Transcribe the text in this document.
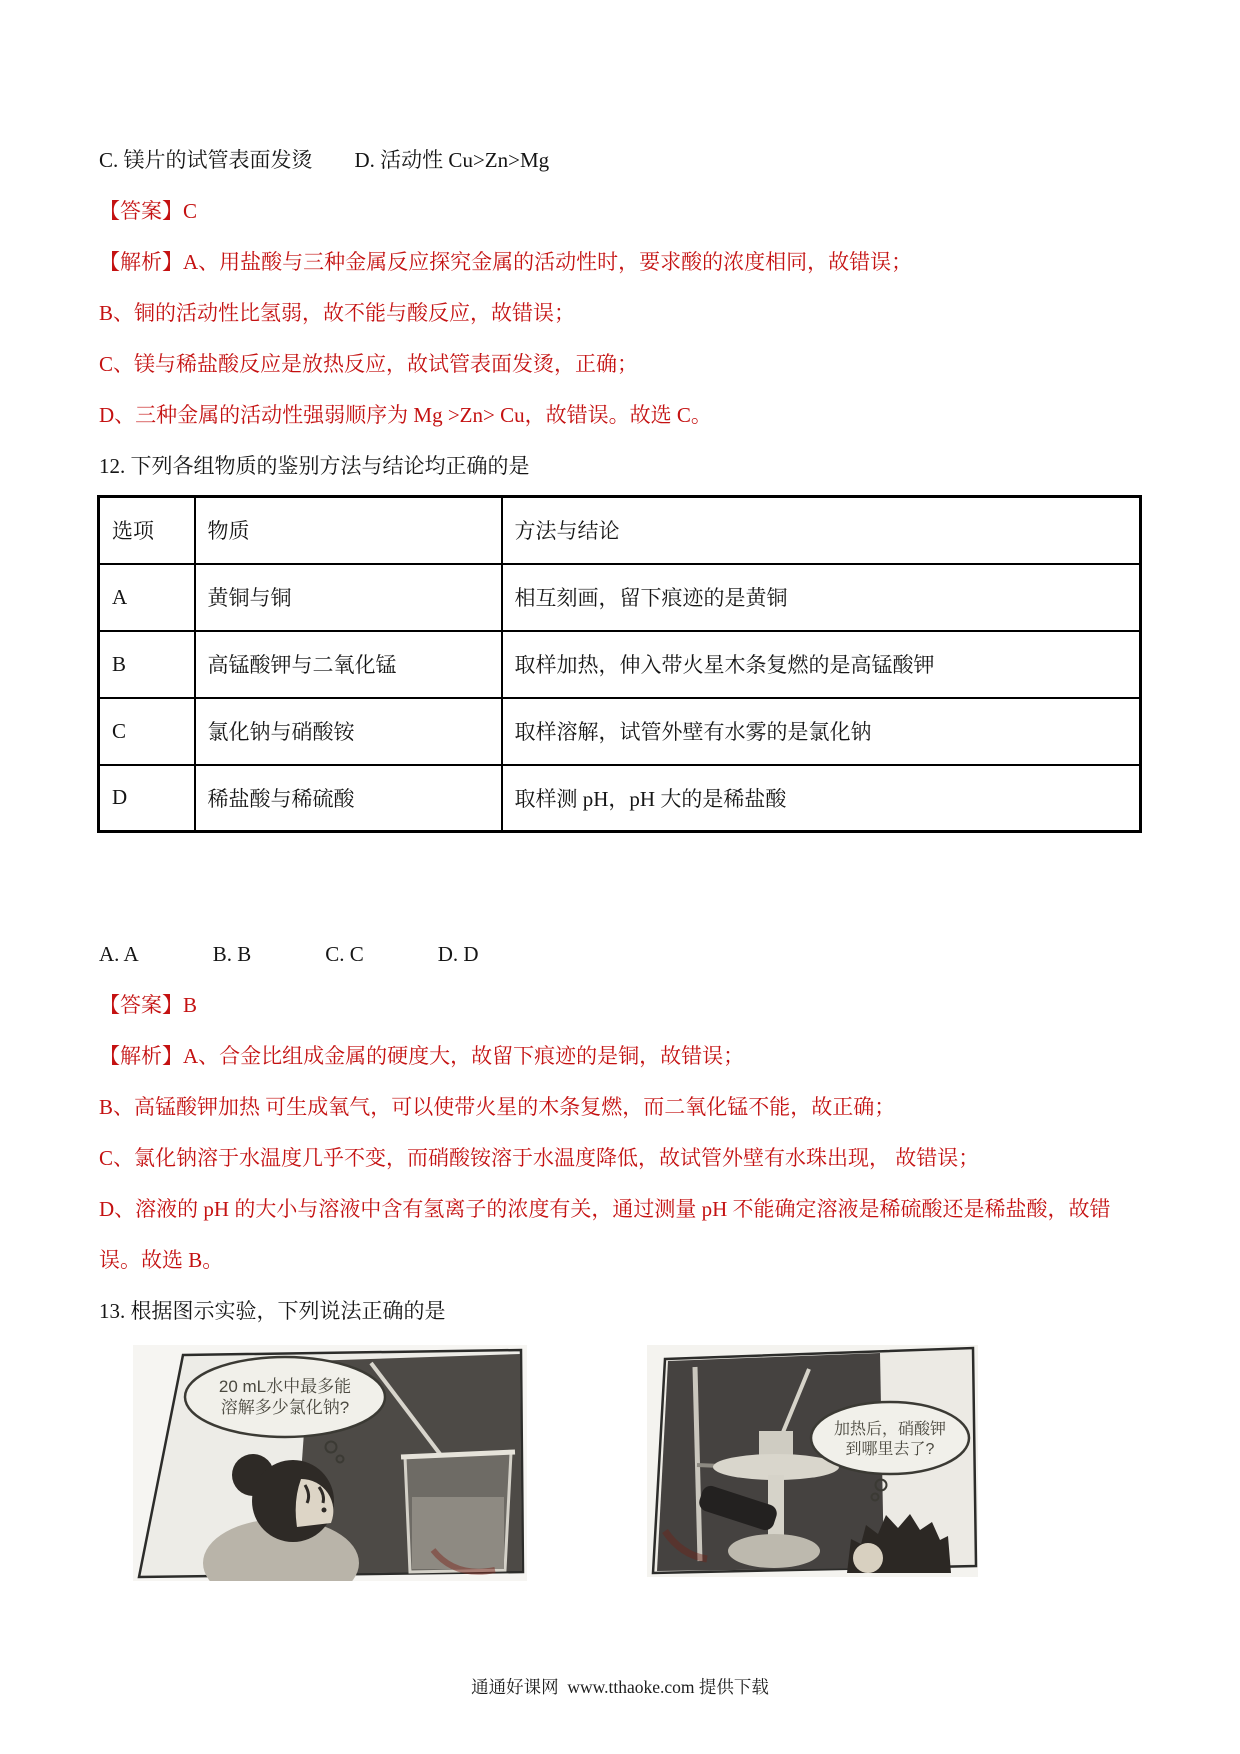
C. 镁片的试管表面发烫 D. 活动性 Cu>Zn>Mg
【答案】C
【解析】A、用盐酸与三种金属反应探究金属的活动性时，要求酸的浓度相同，故错误；
B、铜的活动性比氢弱，故不能与酸反应，故错误；
C、镁与稀盐酸反应是放热反应，故试管表面发烫，正确；
D、三种金属的活动性强弱顺序为 Mg >Zn> Cu，故错误。故选 C。
12. 下列各组物质的鉴别方法与结论均正确的是
选项	物质	方法与结论
A	黄铜与铜	相互刻画，留下痕迹的是黄铜
B	高锰酸钾与二氧化锰	取样加热，伸入带火星木条复燃的是高锰酸钾
C	氯化钠与硝酸铵	取样溶解，试管外壁有水雾的是氯化钠
D	稀盐酸与稀硫酸	取样测 pH，pH 大的是稀盐酸
A. A	B. B	C. C	D. D
【答案】B
【解析】A、合金比组成金属的硬度大，故留下痕迹的是铜，故错误；
B、高锰酸钾加热 可生成氧气，可以使带火星的木条复燃，而二氧化锰不能，故正确；
C、氯化钠溶于水温度几乎不变，而硝酸铵溶于水温度降低，故试管外壁有水珠出现， 故错误；
D、溶液的 pH 的大小与溶液中含有氢离子的浓度有关，通过测量 pH 不能确定溶液是稀硫酸还是稀盐酸，故错误。故选 B。
13. 根据图示实验，下列说法正确的是
20 mL水中最多能
溶解多少氯化钠?
加热后，硝酸钾
到哪里去了?
通通好课网  www.tthaoke.com 提供下载
